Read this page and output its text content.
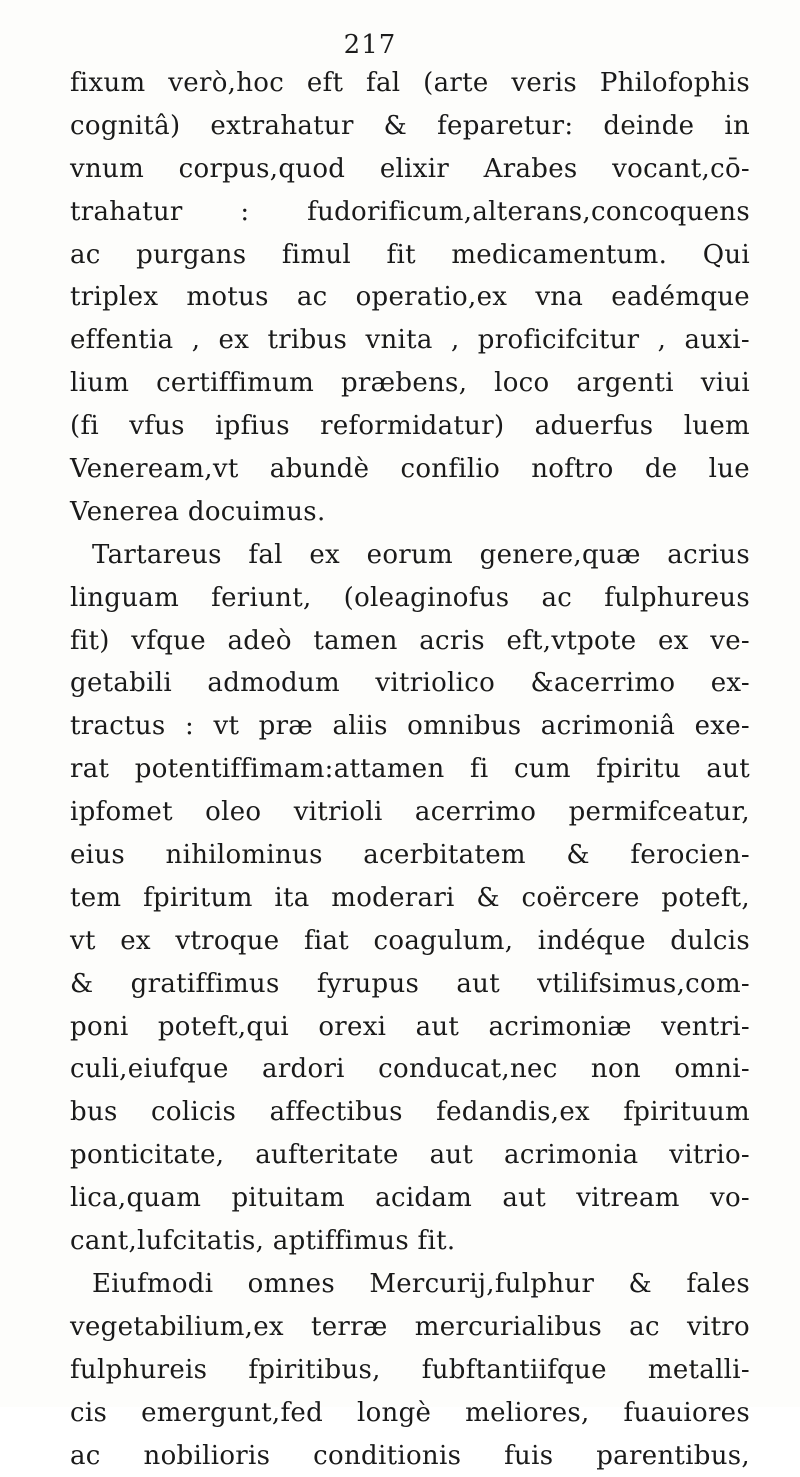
217
fixum verò,hoc eft fal (arte veris Philofophis
cognitâ) extrahatur & feparetur: deinde in
vnum corpus,quod elixir Arabes vocant,cō-
trahatur : fudorificum,alterans,concoquens
ac purgans fimul fit medicamentum. Qui
triplex motus ac operatio,ex vna eadémque
effentia , ex tribus vnita , proficifcitur , auxi-
lium certiffimum præbens, loco argenti viui
(fi vfus ipfius reformidatur) aduerfus luem
Veneream,vt abundè confilio noftro de lue
Venerea docuimus.
Tartareus fal ex eorum genere,quæ acrius
linguam feriunt, (oleaginofus ac fulphureus
fit) vfque adeò tamen acris eft,vtpote ex ve-
getabili admodum vitriolico &acerrimo ex-
tractus : vt præ aliis omnibus acrimoniâ exe-
rat potentiffimam:attamen fi cum fpiritu aut
ipfomet oleo vitrioli acerrimo permifceatur,
eius nihilominus acerbitatem & ferocien-
tem fpiritum ita moderari & coërcere poteft,
vt ex vtroque fiat coagulum, indéque dulcis
& gratiffimus fyrupus aut vtilifsimus,com-
poni poteft,qui orexi aut acrimoniæ ventri-
culi,eiufque ardori conducat,nec non omni-
bus colicis affectibus fedandis,ex fpirituum
ponticitate, aufteritate aut acrimonia vitrio-
lica,quam pituitam acidam aut vitream vo-
cant,lufcitatis, aptiffimus fit.
Eiufmodi omnes Mercurij,fulphur & fales
vegetabilium,ex terræ mercurialibus ac vitro
fulphureis fpiritibus, fubftantiifque metalli-
cis emergunt,fed longè meliores, fuauiores
ac nobilioris conditionis fuis parentibus,
